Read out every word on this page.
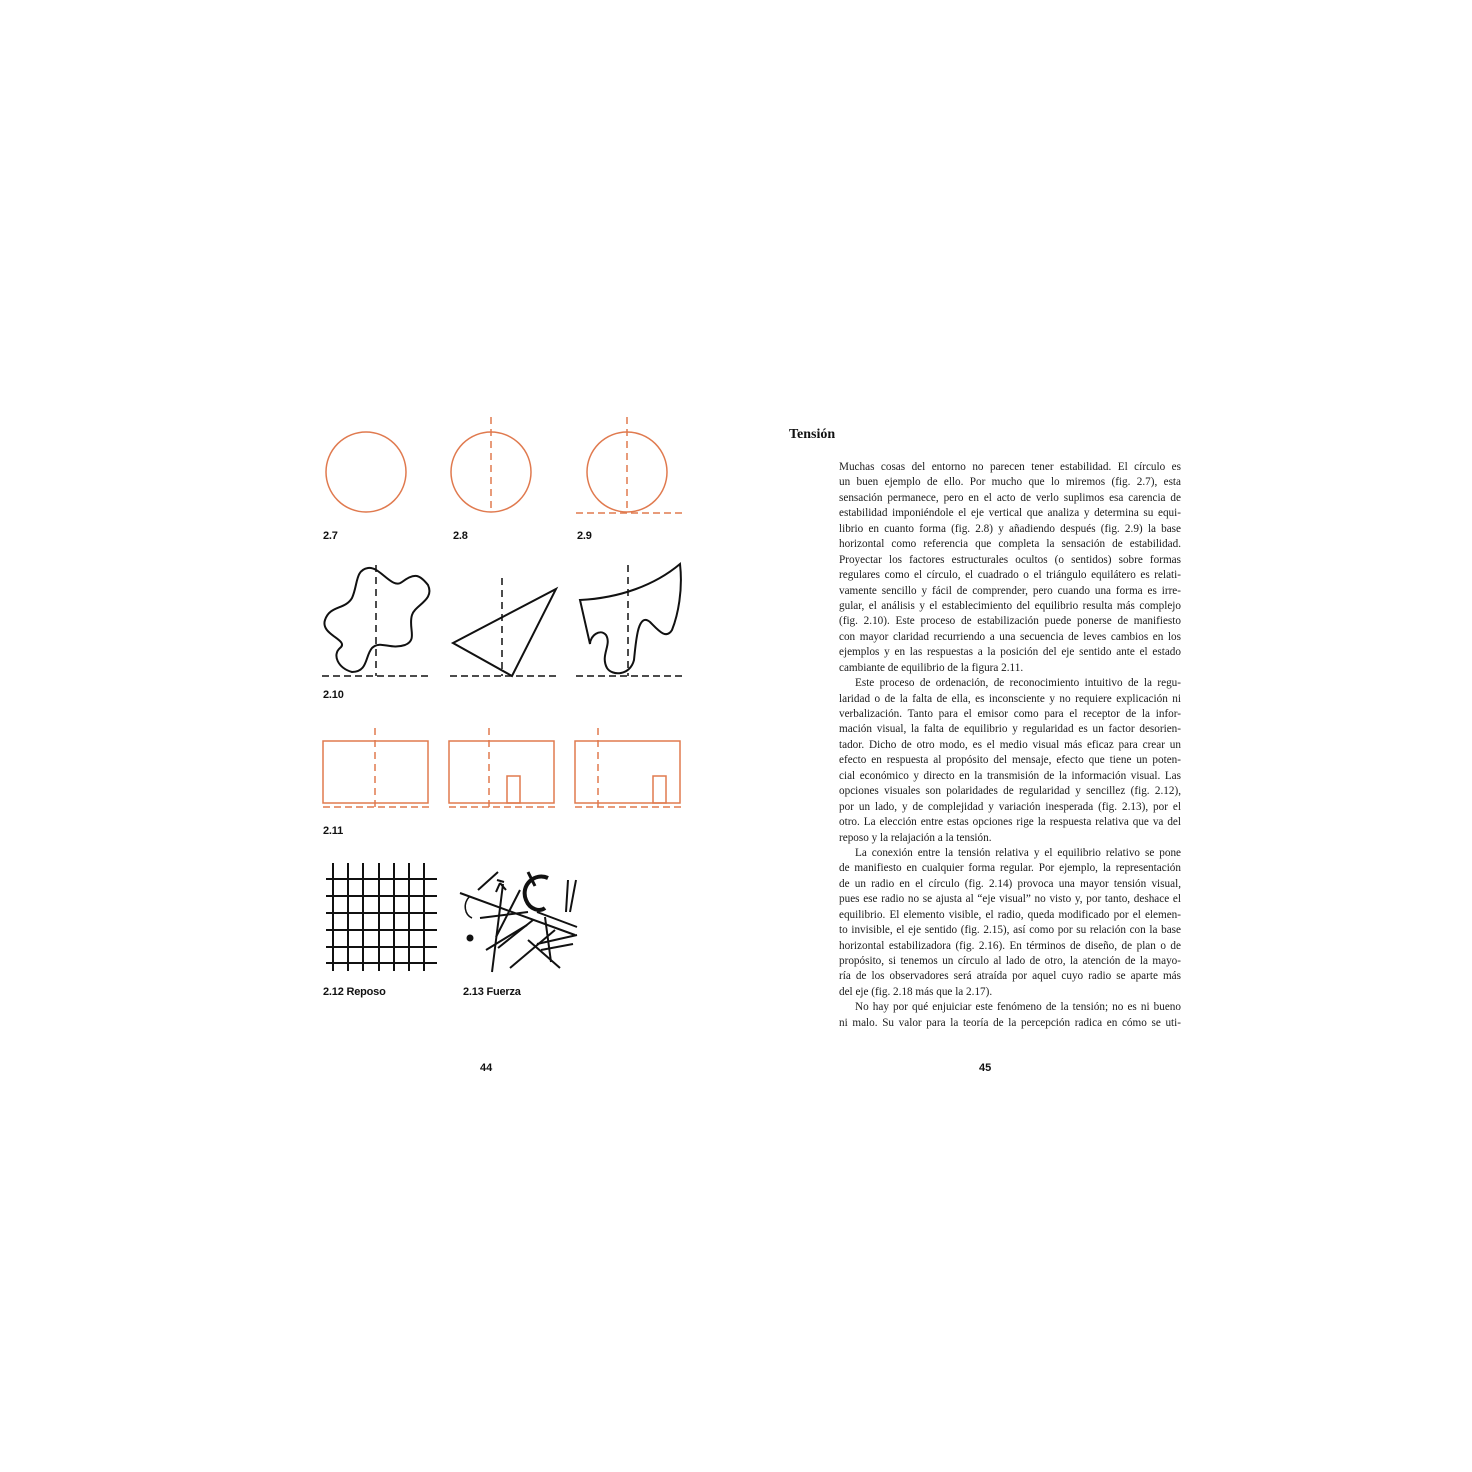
2.7	2.8	2.9
2.10
2.11
2.12 Reposo	2.13 Fuerza
44	45
Tensión
Muchas cosas del entorno no parecen tener estabilidad. El círculo es
un buen ejemplo de ello. Por mucho que lo miremos (fig. 2.7), esta
sensación permanece, pero en el acto de verlo suplimos esa carencia de
estabilidad imponiéndole el eje vertical que analiza y determina su equi-
librio en cuanto forma (fig. 2.8) y añadiendo después (fig. 2.9) la base
horizontal como referencia que completa la sensación de estabilidad.
Proyectar los factores estructurales ocultos (o sentidos) sobre formas
regulares como el círculo, el cuadrado o el triángulo equilátero es relati-
vamente sencillo y fácil de comprender, pero cuando una forma es irre-
gular, el análisis y el establecimiento del equilibrio resulta más complejo
(fig. 2.10). Este proceso de estabilización puede ponerse de manifiesto
con mayor claridad recurriendo a una secuencia de leves cambios en los
ejemplos y en las respuestas a la posición del eje sentido ante el estado
cambiante de equilibrio de la figura 2.11.
Este proceso de ordenación, de reconocimiento intuitivo de la regu-
laridad o de la falta de ella, es inconsciente y no requiere explicación ni
verbalización. Tanto para el emisor como para el receptor de la infor-
mación visual, la falta de equilibrio y regularidad es un factor desorien-
tador. Dicho de otro modo, es el medio visual más eficaz para crear un
efecto en respuesta al propósito del mensaje, efecto que tiene un poten-
cial económico y directo en la transmisión de la información visual. Las
opciones visuales son polaridades de regularidad y sencillez (fig. 2.12),
por un lado, y de complejidad y variación inesperada (fig. 2.13), por el
otro. La elección entre estas opciones rige la respuesta relativa que va del
reposo y la relajación a la tensión.
La conexión entre la tensión relativa y el equilibrio relativo se pone
de manifiesto en cualquier forma regular. Por ejemplo, la representación
de un radio en el círculo (fig. 2.14) provoca una mayor tensión visual,
pues ese radio no se ajusta al “eje visual” no visto y, por tanto, deshace el
equilibrio. El elemento visible, el radio, queda modificado por el elemen-
to invisible, el eje sentido (fig. 2.15), así como por su relación con la base
horizontal estabilizadora (fig. 2.16). En términos de diseño, de plan o de
propósito, si tenemos un círculo al lado de otro, la atención de la mayo-
ría de los observadores será atraída por aquel cuyo radio se aparte más
del eje (fig. 2.18 más que la 2.17).
No hay por qué enjuiciar este fenómeno de la tensión; no es ni bueno
ni malo. Su valor para la teoría de la percepción radica en cómo se uti-
